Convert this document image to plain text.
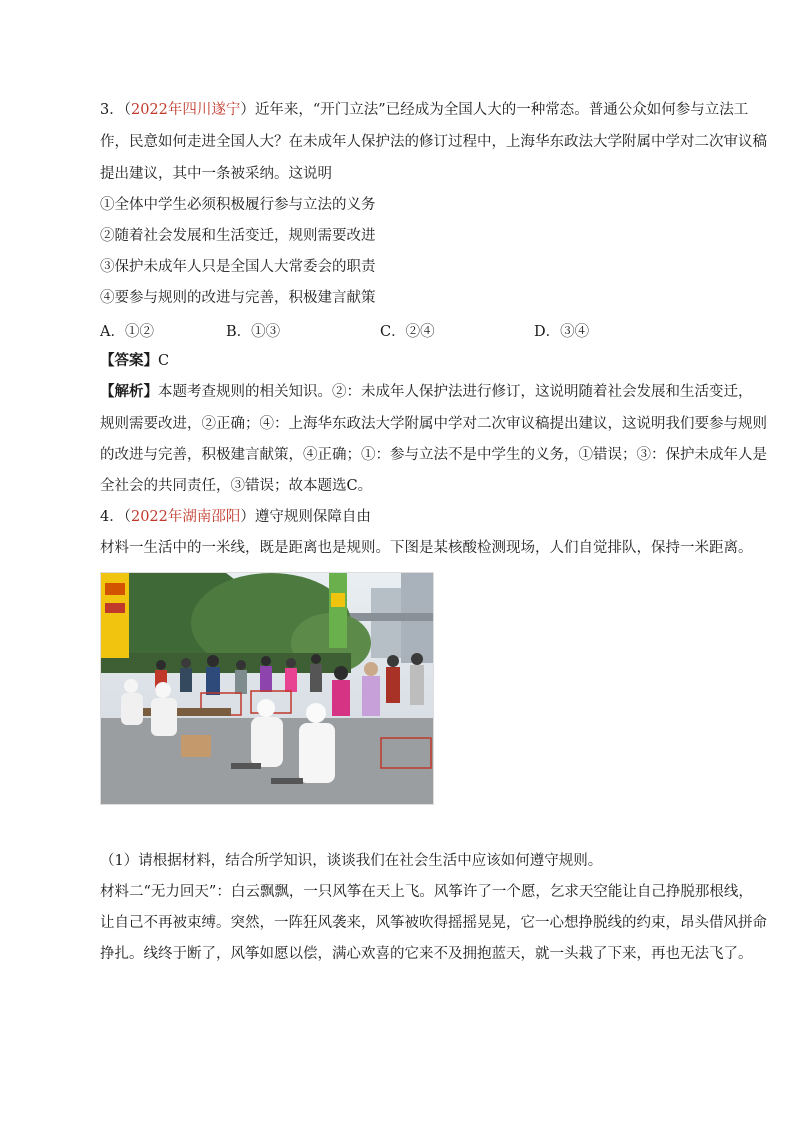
3．（2022年四川遂宁）近年来，“开门立法”已经成为全国人大的一种常态。普通公众如何参与立法工
作，民意如何走进全国人大？在未成年人保护法的修订过程中，上海华东政法大学附属中学对二次审议稿
提出建议，其中一条被采纳。这说明
①全体中学生必须积极履行参与立法的义务
②随着社会发展和生活变迁，规则需要改进
③保护未成年人只是全国人大常委会的职责
④要参与规则的改进与完善，积极建言献策
A．①②	B．①③	C．②④	D．③④
【答案】C
【解析】本题考查规则的相关知识。②：未成年人保护法进行修订，这说明随着社会发展和生活变迁，
规则需要改进，②正确；④：上海华东政法大学附属中学对二次审议稿提出建议，这说明我们要参与规则
的改进与完善，积极建言献策，④正确；①：参与立法不是中学生的义务，①错误；③：保护未成年人是
全社会的共同责任，③错误；故本题选C。
4．（2022年湖南邵阳）遵守规则保障自由
材料一生活中的一米线，既是距离也是规则。下图是某核酸检测现场，人们自觉排队，保持一米距离。
（1）请根据材料，结合所学知识，谈谈我们在社会生活中应该如何遵守规则。
材料二“无力回天”：白云飘飘，一只风筝在天上飞。风筝许了一个愿，乞求天空能让自己挣脱那根线，
让自己不再被束缚。突然，一阵狂风袭来，风筝被吹得摇摇晃晃，它一心想挣脱线的约束，昂头借风拼命
挣扎。线终于断了，风筝如愿以偿，满心欢喜的它来不及拥抱蓝天，就一头栽了下来，再也无法飞了。
